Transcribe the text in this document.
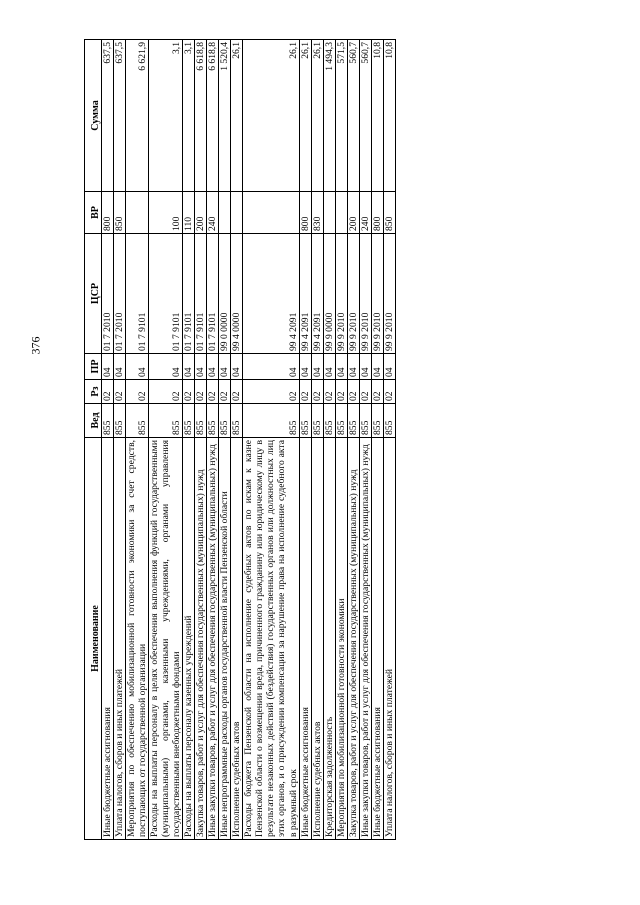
376
Наименование	Вед	Рз	ПР	ЦСР	ВР	Сумма
Иные бюджетные ассигнования	855	02	04	01 7 2010	800	637,5
Уплата налогов, сборов и иных платежей	855	02	04	01 7 2010	850	637,5
Мероприятия по обеспечению мобилизационной готовности экономики за счет средств, поступающих от государственной организации	855	02	04	01 7 9101		6 621,9
Расходы на выплаты персоналу в целях обеспечения выполнения функций государственными (муниципальными) органами, казенными учреждениями, органами управления государственными внебюджетными фондами	855	02	04	01 7 9101	100	3,1
Расходы на выплаты персоналу казенных учреждений	855	02	04	01 7 9101	110	3,1
Закупка товаров, работ и услуг для обеспечения государственных (муниципальных) нужд	855	02	04	01 7 9101	200	6 618,8
Иные закупки товаров, работ и услуг для обеспечения государственных (муниципальных) нужд	855	02	04	01 7 9101	240	6 618,8
Иные непрограммные расходы органов государственной власти Пензенской области	855	02	04	99 0 0000		1 520,4
Исполнение судебных актов	855	02	04	99 4 0000		26,1
Расходы бюджета Пензенской области на исполнение судебных актов по искам к казне Пензенской области о возмещении вреда, причиненного гражданину или юридическому лицу в результате незаконных действий (бездействия) государственных органов или должностных лиц этих органов, и о присуждении компенсации за нарушение права на исполнение судебного акта в разумный срок	855	02	04	99 4 2091		26,1
Иные бюджетные ассигнования	855	02	04	99 4 2091	800	26,1
Исполнение судебных актов	855	02	04	99 4 2091	830	26,1
Кредиторская задолженность	855	02	04	99 9 0000		1 494,3
Мероприятия по мобилизационной готовности экономики	855	02	04	99 9 2010		571,5
Закупка товаров, работ и услуг для обеспечения государственных (муниципальных) нужд	855	02	04	99 9 2010	200	560,7
Иные закупки товаров, работ и услуг для обеспечения государственных (муниципальных) нужд	855	02	04	99 9 2010	240	560,7
Иные бюджетные ассигнования	855	02	04	99 9 2010	800	10,8
Уплата налогов, сборов и иных платежей	855	02	04	99 9 2010	850	10,8
